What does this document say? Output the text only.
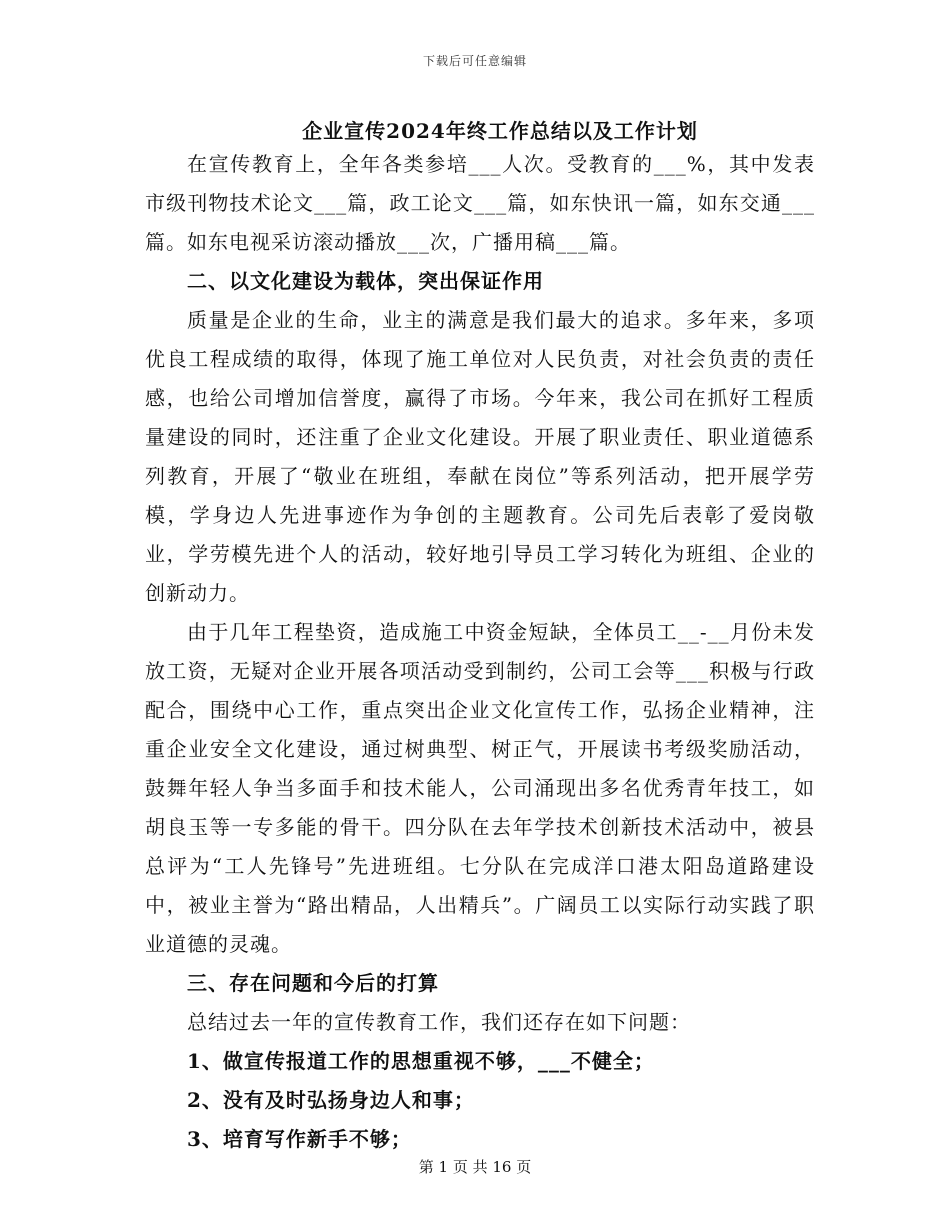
下载后可任意编辑
企业宣传2024年终工作总结以及工作计划

在宣传教育上，全年各类参培___人次。受教育的___%，其中发表市级刊物技术论文___篇，政工论文___篇，如东快讯一篇，如东交通___篇。如东电视采访滚动播放___次，广播用稿___篇。

二、以文化建设为载体，突出保证作用

质量是企业的生命，业主的满意是我们最大的追求。多年来，多项优良工程成绩的取得，体现了施工单位对人民负责，对社会负责的责任感，也给公司增加信誉度，赢得了市场。今年来，我公司在抓好工程质量建设的同时，还注重了企业文化建设。开展了职业责任、职业道德系列教育，开展了“敬业在班组，奉献在岗位”等系列活动，把开展学劳模，学身边人先进事迹作为争创的主题教育。公司先后表彰了爱岗敬业，学劳模先进个人的活动，较好地引导员工学习转化为班组、企业的创新动力。

由于几年工程垫资，造成施工中资金短缺，全体员工__-__月份未发放工资，无疑对企业开展各项活动受到制约，公司工会等___积极与行政配合，围绕中心工作，重点突出企业文化宣传工作，弘扬企业精神，注重企业安全文化建设，通过树典型、树正气，开展读书考级奖励活动，鼓舞年轻人争当多面手和技术能人，公司涌现出多名优秀青年技工，如胡良玉等一专多能的骨干。四分队在去年学技术创新技术活动中，被县总评为“工人先锋号”先进班组。七分队在完成洋口港太阳岛道路建设中，被业主誉为“路出精品，人出精兵”。广阔员工以实际行动实践了职业道德的灵魂。

三、存在问题和今后的打算

总结过去一年的宣传教育工作，我们还存在如下问题：

1、做宣传报道工作的思想重视不够，___不健全；

2、没有及时弘扬身边人和事；

3、培育写作新手不够；

第 1 页 共 16 页
